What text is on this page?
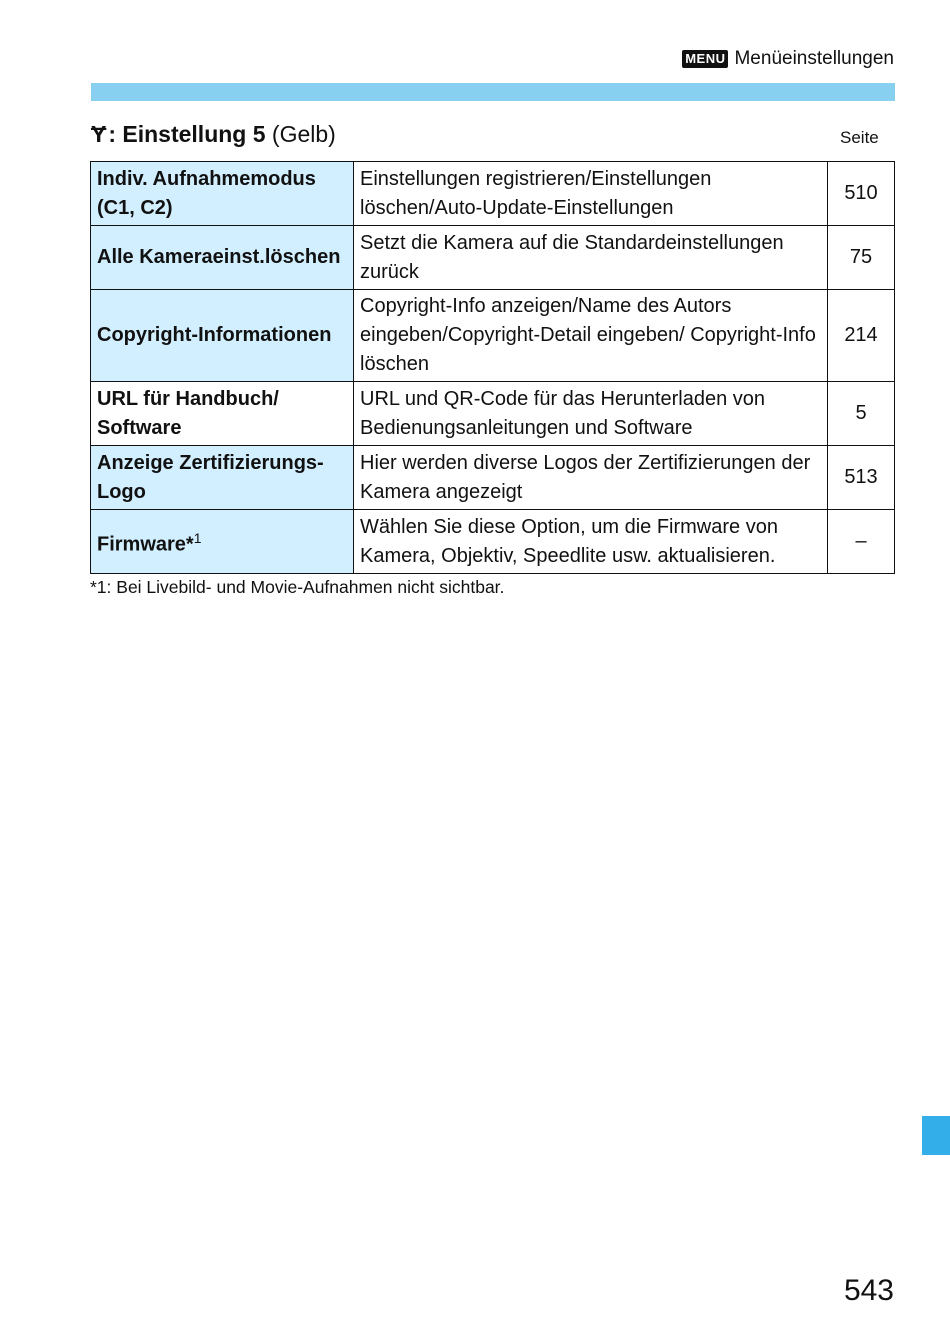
MENU Menüeinstellungen
Ɏ: Einstellung 5 (Gelb)	Seite
Indiv. Aufnahmemodus (C1, C2)	Einstellungen registrieren/Einstellungen löschen/Auto-Update-Einstellungen	510
Alle Kameraeinst.löschen	Setzt die Kamera auf die Standardeinstellungen zurück	75
Copyright-Informationen	Copyright-Info anzeigen/Name des Autors eingeben/Copyright-Detail eingeben/ Copyright-Info löschen	214
URL für Handbuch/ Software	URL und QR-Code für das Herunterladen von Bedienungsanleitungen und Software	5
Anzeige Zertifizierungs-Logo	Hier werden diverse Logos der Zertifizierungen der Kamera angezeigt	513
Firmware*$^1$	Wählen Sie diese Option, um die Firmware von Kamera, Objektiv, Speedlite usw. aktualisieren.	–
*1: Bei Livebild- und Movie-Aufnahmen nicht sichtbar.
543
